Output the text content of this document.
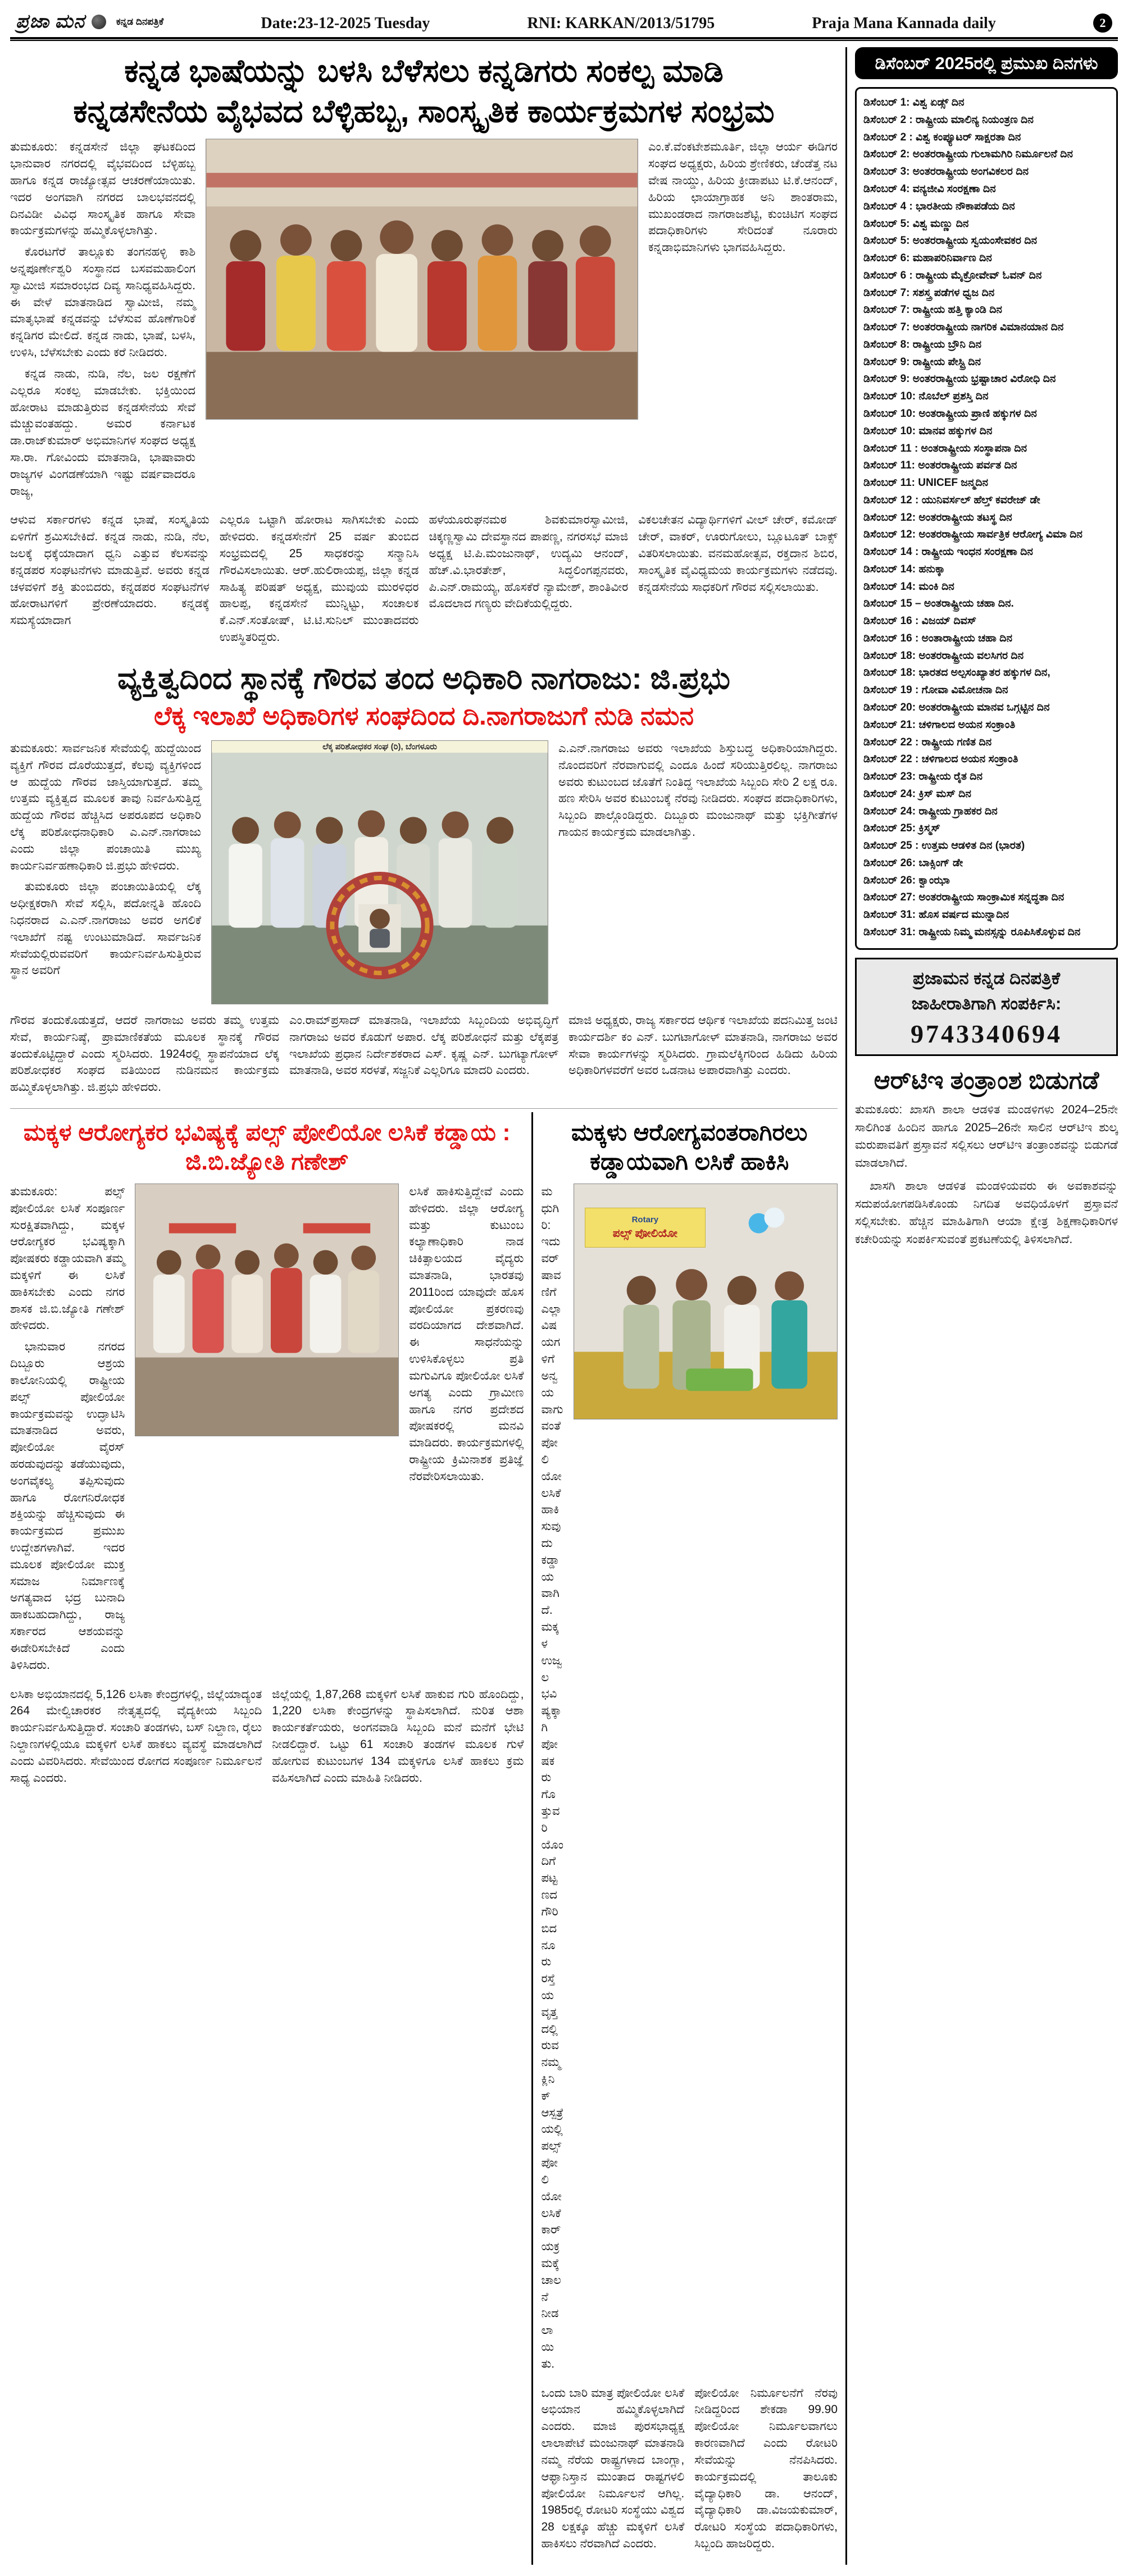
ಪ್ರಜಾ ಮನ	ಕನ್ನಡ ದಿನಪತ್ರಿಕೆ	Date:23-12-2025 Tuesday	RNI: KARKAN/2013/51795	Praja Mana Kannada daily	2
ಕನ್ನಡ ಭಾಷೆಯನ್ನು ಬಳಸಿ ಬೆಳೆಸಲು ಕನ್ನಡಿಗರು ಸಂಕಲ್ಪ ಮಾಡಿ
ಕನ್ನಡಸೇನೆಯ ವೈಭವದ ಬೆಳ್ಳಿಹಬ್ಬ, ಸಾಂಸ್ಕೃತಿಕ ಕಾರ್ಯಕ್ರಮಗಳ ಸಂಭ್ರಮ

ತುಮಕೂರು: ಕನ್ನಡಸೇನೆ ಜಿಲ್ಲಾ ಘಟಕದಿಂದ ಭಾನುವಾರ ನಗರದಲ್ಲಿ ವೈಭವದಿಂದ ಬೆಳ್ಳಿಹಬ್ಬ ಹಾಗೂ ಕನ್ನಡ ರಾಜ್ಯೋತ್ಸವ ಆಚರಣೆಯಾಯಿತು. ಇದರ ಅಂಗವಾಗಿ ನಗರದ ಬಾಲಭವನದಲ್ಲಿ ದಿನವಿಡೀ ವಿವಿಧ ಸಾಂಸ್ಕೃತಿಕ ಹಾಗೂ ಸೇವಾ ಕಾರ್ಯಕ್ರಮಗಳನ್ನು ಹಮ್ಮಿಕೊಳ್ಳಲಾಗಿತ್ತು.

ಕೊರಟಗೆರೆ ತಾಲ್ಲೂಕು ತಂಗನಹಳ್ಳಿ ಕಾಶಿ ಅನ್ನಪೂರ್ಣೇಶ್ವರಿ ಸಂಸ್ಥಾನದ ಬಸವಮಹಾಲಿಂಗ ಸ್ವಾಮೀಜಿ ಸಮಾರಂಭದ ದಿವ್ಯ ಸಾನಿಧ್ಯವಹಿಸಿದ್ದರು. ಈ ವೇಳೆ ಮಾತನಾಡಿದ ಸ್ವಾಮೀಜಿ, ನಮ್ಮ ಮಾತೃಭಾಷೆ ಕನ್ನಡವನ್ನು ಬೆಳೆಸುವ ಹೊಣೆಗಾರಿಕೆ ಕನ್ನಡಿಗರ ಮೇಲಿದೆ. ಕನ್ನಡ ನಾಡು, ಭಾಷೆ, ಬಳಸಿ, ಉಳಿಸಿ, ಬೆಳೆಸಬೇಕು ಎಂದು ಕರೆ ನೀಡಿದರು.

ಕನ್ನಡ ನಾಡು, ನುಡಿ, ನೆಲ, ಜಲ ರಕ್ಷಣೆಗೆ ಎಲ್ಲರೂ ಸಂಕಲ್ಪ ಮಾಡಬೇಕು. ಭಕ್ತಿಯಿಂದ ಹೋರಾಟ ಮಾಡುತ್ತಿರುವ ಕನ್ನಡಸೇನೆಯ ಸೇವೆ ಮೆಚ್ಚುವಂತಹದ್ದು. ಅಮರ ಕರ್ನಾಟಕ ಡಾ.ರಾಜ್‌ಕುಮಾರ್ ಅಭಿಮಾನಿಗಳ ಸಂಘದ ಅಧ್ಯಕ್ಷ ಸಾ.ರಾ. ಗೋವಿಂದು ಮಾತನಾಡಿ, ಭಾಷಾವಾರು ರಾಜ್ಯಗಳ ವಿಂಗಡಣೆಯಾಗಿ ಇಷ್ಟು ವರ್ಷವಾದರೂ ರಾಜ್ಯ,

ಎಂ.ಕೆ.ವೆಂಕಟೇಶಮೂರ್ತಿ, ಜಿಲ್ಲಾ ಆರ್ಯ ಈಡಿಗರ ಸಂಘದ ಅಧ್ಯಕ್ಷರು, ಹಿರಿಯ ಶ್ರೇಣಿಕರು, ಚೆಂಡೆತ್ತ ನಟ ವೇಷ ನಾಯ್ಡು, ಹಿರಿಯ ಕ್ರೀಡಾಪಟು ಟಿ.ಕೆ.ಆನಂದ್, ಹಿರಿಯ ಛಾಯಾಗ್ರಾಹಕ ಅನಿ ಶಾಂತರಾಮ, ಮುಖಂಡರಾದ ನಾಗರಾಜಶೆಟ್ಟಿ, ಕುಂಚಿಟಿಗ ಸಂಘದ ಪದಾಧಿಕಾರಿಗಳು ಸೇರಿದಂತೆ ನೂರಾರು ಕನ್ನಡಾಭಿಮಾನಿಗಳು ಭಾಗವಹಿಸಿದ್ದರು.

ಆಳುವ ಸರ್ಕಾರಗಳು ಕನ್ನಡ ಭಾಷೆ, ಸಂಸ್ಕೃತಿಯ ಏಳಿಗೆಗೆ ಶ್ರಮಿಸಬೇಕಿದೆ. ಕನ್ನಡ ನಾಡು, ನುಡಿ, ನೆಲ, ಜಲಕ್ಕೆ ಧಕ್ಕೆಯಾದಾಗ ಧ್ವನಿ ಎತ್ತುವ ಕೆಲಸವನ್ನು ಕನ್ನಡಪರ ಸಂಘಟನೆಗಳು ಮಾಡುತ್ತಿವೆ. ಅವರು ಕನ್ನಡ ಚಳವಳಿಗೆ ಶಕ್ತಿ ತುಂಬಿದರು, ಕನ್ನಡಪರ ಸಂಘಟನೆಗಳ ಹೋರಾಟಗಳಿಗೆ ಪ್ರೇರಣೆಯಾದರು. ಕನ್ನಡಕ್ಕೆ ಸಮಸ್ಯೆಯಾದಾಗ

ಎಲ್ಲರೂ ಒಟ್ಟಾಗಿ ಹೋರಾಟ ಸಾಗಿಸಬೇಕು ಎಂದು ಹೇಳಿದರು. ಕನ್ನಡಸೇನೆಗೆ 25 ವರ್ಷ ತುಂಬಿದ ಸಂಭ್ರಮದಲ್ಲಿ 25 ಸಾಧಕರನ್ನು ಸನ್ಮಾನಿಸಿ ಗೌರವಿಸಲಾಯಿತು. ಆರ್.ಹುಲಿರಾಯಪ್ಪ, ಜಿಲ್ಲಾ ಕನ್ನಡ ಸಾಹಿತ್ಯ ಪರಿಷತ್ ಅಧ್ಯಕ್ಷ, ಮುವುಯ ಮುರಳಿಧರ ಹಾಲಪ್ಪ, ಕನ್ನಡಸೇನೆ ಮುನ್ನಿಟ್ಟು, ಸಂಚಾಲಕ ಕೆ.ಎನ್.ಸಂತೋಷ್, ಟಿ.ಟಿ.ಸುನಿಲ್ ಮುಂತಾದವರು ಉಪಸ್ಥಿತರಿದ್ದರು.

ಹಳೆಯೂರುಘನಮಠ ಶಿವಕುಮಾರಸ್ವಾಮೀಜಿ, ಚಿಕ್ಕಣ್ಣಸ್ವಾಮಿ ದೇವಸ್ಥಾನದ ಪಾಪಣ್ಣ, ನಗರಸಭೆ ಮಾಜಿ ಅಧ್ಯಕ್ಷ ಟಿ.ಪಿ.ಮಂಜುನಾಥ್, ಉದ್ಯಮಿ ಆನಂದ್, ಹೆಚ್.ವಿ.ಭಾರತೇಶ್, ಸಿದ್ಧಲಿಂಗಪ್ಪನವರು, ಪಿ.ಎನ್.ರಾಮಯ್ಯ, ಹೊಸಕೆರೆ ನ್ಯಾಮೇಶ್, ಶಾಂತಿವೀರ ಮೊದಲಾದ ಗಣ್ಯರು ವೇದಿಕೆಯಲ್ಲಿದ್ದರು.

ವಿಕಲಚೇತನ ವಿದ್ಯಾರ್ಥಿಗಳಿಗೆ ವೀಲ್ ಚೇರ್, ಕಮೋಡ್ ಚೇರ್, ವಾಕರ್, ಊರುಗೋಲು, ಬ್ಲೂಟೂತ್ ಬಾಕ್ಸ್ ವಿತರಿಸಲಾಯಿತು. ವನಮಹೋತ್ಸವ, ರಕ್ತದಾನ ಶಿಬಿರ, ಸಾಂಸ್ಕೃತಿಕ ವೈವಿಧ್ಯಮಯ ಕಾರ್ಯಕ್ರಮಗಳು ನಡೆದವು. ಕನ್ನಡಸೇನೆಯ ಸಾಧಕರಿಗೆ ಗೌರವ ಸಲ್ಲಿಸಲಾಯಿತು.

ವ್ಯಕ್ತಿತ್ವದಿಂದ ಸ್ಥಾನಕ್ಕೆ ಗೌರವ ತಂದ ಅಧಿಕಾರಿ ನಾಗರಾಜು: ಜಿ.ಪ್ರಭು
ಲೆಕ್ಕ ಇಲಾಖೆ ಅಧಿಕಾರಿಗಳ ಸಂಘದಿಂದ ದಿ.ನಾಗರಾಜುಗೆ ನುಡಿ ನಮನ

ತುಮಕೂರು: ಸಾರ್ವಜನಿಕ ಸೇವೆಯಲ್ಲಿ ಹುದ್ದೆಯಿಂದ ವ್ಯಕ್ತಿಗೆ ಗೌರವ ದೊರೆಯುತ್ತದೆ, ಕೆಲವು ವ್ಯಕ್ತಿಗಳಿಂದ ಆ ಹುದ್ದೆಯ ಗೌರವ ಜಾಸ್ತಿಯಾಗುತ್ತದೆ. ತಮ್ಮ ಉತ್ತಮ ವ್ಯಕ್ತಿತ್ವದ ಮೂಲಕ ತಾವು ನಿರ್ವಹಿಸುತ್ತಿದ್ದ ಹುದ್ದೆಯ ಗೌರವ ಹೆಚ್ಚಿಸಿದ ಅಪರೂಪದ ಅಧಿಕಾರಿ ಲೆಕ್ಕ ಪರಿಶೋಧನಾಧಿಕಾರಿ ಎ.ಎನ್.ನಾಗರಾಜು ಎಂದು ಜಿಲ್ಲಾ ಪಂಚಾಯಿತಿ ಮುಖ್ಯ ಕಾರ್ಯನಿರ್ವಹಣಾಧಿಕಾರಿ ಜಿ.ಪ್ರಭು ಹೇಳಿದರು.

ತುಮಕೂರು ಜಿಲ್ಲಾ ಪಂಚಾಯಿತಿಯಲ್ಲಿ ಲೆಕ್ಕ ಅಧೀಕ್ಷಕರಾಗಿ ಸೇವೆ ಸಲ್ಲಿಸಿ, ಪದೋನ್ನತಿ ಹೊಂದಿ ನಿಧನರಾದ ಎ.ಎನ್.ನಾಗರಾಜು ಅವರ ಅಗಲಿಕೆ ಇಲಾಖೆಗೆ ನಷ್ಟ ಉಂಟುಮಾಡಿದೆ. ಸಾರ್ವಜನಿಕ ಸೇವೆಯಲ್ಲಿರುವವರಿಗೆ ಕಾರ್ಯನಿರ್ವಹಿಸುತ್ತಿರುವ ಸ್ಥಾನ ಅವರಿಗೆ

ಲೆಕ್ಕ ಪರಿಶೋಧಕರ ಸಂಘ (ರಿ), ಬೆಂಗಳೂರು	ಎ.ಎನ್.ನಾಗರಾಜು ಅವರು ಇಲಾಖೆಯ ಶಿಸ್ತುಬದ್ಧ ಅಧಿಕಾರಿಯಾಗಿದ್ದರು. ನೊಂದವರಿಗೆ ನೆರವಾಗುವಲ್ಲಿ ಎಂದೂ ಹಿಂದೆ ಸರಿಯುತ್ತಿರಲಿಲ್ಲ. ನಾಗರಾಜು ಅವರು ಕುಟುಂಬದ ಜೊತೆಗೆ ನಿಂತಿದ್ದ ಇಲಾಖೆಯ ಸಿಬ್ಬಂದಿ ಸೇರಿ 2 ಲಕ್ಷ ರೂ. ಹಣ ಸೇರಿಸಿ ಅವರ ಕುಟುಂಬಕ್ಕೆ ನೆರವು ನೀಡಿದರು. ಸಂಘದ ಪದಾಧಿಕಾರಿಗಳು, ಸಿಬ್ಬಂದಿ ಪಾಲ್ಗೊಂಡಿದ್ದರು. ದಿಬ್ಬೂರು ಮಂಜುನಾಥ್ ಮತ್ತು ಭಕ್ತಿಗೀತೆಗಳ ಗಾಯನ ಕಾರ್ಯಕ್ರಮ ಮಾಡಲಾಗಿತ್ತು.

ಗೌರವ ತಂದುಕೊಡುತ್ತದೆ, ಆದರೆ ನಾಗರಾಜು ಅವರು ತಮ್ಮ ಉತ್ತಮ ಸೇವೆ, ಕಾರ್ಯನಿಷ್ಠೆ, ಪ್ರಾಮಾಣಿಕತೆಯ ಮೂಲಕ ಸ್ಥಾನಕ್ಕೆ ಗೌರವ ತಂದುಕೊಟ್ಟಿದ್ದಾರೆ ಎಂದು ಸ್ಮರಿಸಿದರು. 1924ರಲ್ಲಿ ಸ್ಥಾಪನೆಯಾದ ಲೆಕ್ಕ ಪರಿಶೋಧಕರ ಸಂಘದ ವತಿಯಿಂದ ನುಡಿನಮನ ಕಾರ್ಯಕ್ರಮ ಹಮ್ಮಿಕೊಳ್ಳಲಾಗಿತ್ತು. ಜಿ.ಪ್ರಭು ಹೇಳಿದರು.

ಎಂ.ರಾಮ್‌ಪ್ರಸಾದ್ ಮಾತನಾಡಿ, ಇಲಾಖೆಯ ಸಿಬ್ಬಂದಿಯ ಅಭಿವೃದ್ಧಿಗೆ ನಾಗರಾಜು ಅವರ ಕೊಡುಗೆ ಅಪಾರ. ಲೆಕ್ಕ ಪರಿಶೋಧನೆ ಮತ್ತು ಲೆಕ್ಕಪತ್ರ ಇಲಾಖೆಯ ಪ್ರಧಾನ ನಿರ್ದೇಶಕರಾದ ಎಸ್. ಕೃಷ್ಣ ಎನ್. ಬುಗಟ್ಯಾಗೋಳ್ ಮಾತನಾಡಿ, ಅವರ ಸರಳತೆ, ಸಜ್ಜನಿಕೆ ಎಲ್ಲರಿಗೂ ಮಾದರಿ ಎಂದರು.

ಮಾಜಿ ಅಧ್ಯಕ್ಷರು, ರಾಜ್ಯ ಸರ್ಕಾರದ ಆರ್ಥಿಕ ಇಲಾಖೆಯ ಪದನಿಮಿತ್ತ ಜಂಟಿ ಕಾರ್ಯದರ್ಶಿ ಕಂ ಎನ್. ಬುಗಟಾಗೋಳ್ ಮಾತನಾಡಿ, ನಾಗರಾಜು ಅವರ ಸೇವಾ ಕಾರ್ಯಗಳನ್ನು ಸ್ಮರಿಸಿದರು. ಗ್ರಾಮಲೆಕ್ಕಿಗರಿಂದ ಹಿಡಿದು ಹಿರಿಯ ಅಧಿಕಾರಿಗಳವರೆಗೆ ಅವರ ಒಡನಾಟ ಅಪಾರವಾಗಿತ್ತು ಎಂದರು.

ಮಕ್ಕಳ ಆರೋಗ್ಯಕರ ಭವಿಷ್ಯಕ್ಕೆ ಪಲ್ಸ್ ಪೋಲಿಯೋ ಲಸಿಕೆ ಕಡ್ಡಾಯ : ಜಿ.ಬಿ.ಜ್ಯೋತಿ ಗಣೇಶ್

ತುಮಕೂರು: ಪಲ್ಸ್ ಪೋಲಿಯೋ ಲಸಿಕೆ ಸಂಪೂರ್ಣ ಸುರಕ್ಷಿತವಾಗಿದ್ದು, ಮಕ್ಕಳ ಆರೋಗ್ಯಕರ ಭವಿಷ್ಯಕ್ಕಾಗಿ ಪೋಷಕರು ಕಡ್ಡಾಯವಾಗಿ ತಮ್ಮ ಮಕ್ಕಳಿಗೆ ಈ ಲಸಿಕೆ ಹಾಕಿಸಬೇಕು ಎಂದು ನಗರ ಶಾಸಕ ಜಿ.ಬಿ.ಜ್ಯೋತಿ ಗಣೇಶ್ ಹೇಳಿದರು.

ಭಾನುವಾರ ನಗರದ ದಿಬ್ಬೂರು ಆಶ್ರಯ ಕಾಲೋನಿಯಲ್ಲಿ ರಾಷ್ಟ್ರೀಯ ಪಲ್ಸ್ ಪೋಲಿಯೋ ಕಾರ್ಯಕ್ರಮವನ್ನು ಉದ್ಘಾಟಿಸಿ ಮಾತನಾಡಿದ ಅವರು, ಪೋಲಿಯೋ ವೈರಸ್ ಹರಡುವುದನ್ನು ತಡೆಯುವುದು, ಅಂಗವೈಕಲ್ಯ ತಪ್ಪಿಸುವುದು ಹಾಗೂ ರೋಗನಿರೋಧಕ ಶಕ್ತಿಯನ್ನು ಹೆಚ್ಚಿಸುವುದು ಈ ಕಾರ್ಯಕ್ರಮದ ಪ್ರಮುಖ ಉದ್ದೇಶಗಳಾಗಿವೆ. ಇದರ ಮೂಲಕ ಪೋಲಿಯೋ ಮುಕ್ತ ಸಮಾಜ ನಿರ್ಮಾಣಕ್ಕೆ ಅಗತ್ಯವಾದ ಭದ್ರ ಬುನಾದಿ ಹಾಕಬಹುದಾಗಿದ್ದು, ರಾಜ್ಯ ಸರ್ಕಾರದ ಆಶಯವನ್ನು ಈಡೇರಿಸಬೇಕಿದೆ ಎಂದು ತಿಳಿಸಿದರು.

ಲಸಿಕೆ ಹಾಕಿಸುತ್ತಿದ್ದೇವೆ ಎಂದು ಹೇಳಿದರು. ಜಿಲ್ಲಾ ಆರೋಗ್ಯ ಮತ್ತು ಕುಟುಂಬ ಕಲ್ಯಾಣಾಧಿಕಾರಿ ನಾಡ ಚಿಕಿತ್ಸಾಲಯದ ವೈದ್ಯರು ಮಾತನಾಡಿ, ಭಾರತವು 2011ರಿಂದ ಯಾವುದೇ ಹೊಸ ಪೋಲಿಯೋ ಪ್ರಕರಣವು ವರದಿಯಾಗದ ದೇಶವಾಗಿದೆ. ಈ ಸಾಧನೆಯನ್ನು ಉಳಿಸಿಕೊಳ್ಳಲು ಪ್ರತಿ ಮಗುವಿಗೂ ಪೋಲಿಯೋ ಲಸಿಕೆ ಅಗತ್ಯ ಎಂದು ಗ್ರಾಮೀಣ ಹಾಗೂ ನಗರ ಪ್ರದೇಶದ ಪೋಷಕರಲ್ಲಿ ಮನವಿ ಮಾಡಿದರು. ಕಾರ್ಯಕ್ರಮಗಳಲ್ಲಿ ರಾಷ್ಟ್ರೀಯ ಕ್ರಿಮಿನಾಶಕ ಪ್ರತಿಜ್ಞೆ ನೆರವೇರಿಸಲಾಯಿತು.

ಲಸಿಕಾ ಅಭಿಯಾನದಲ್ಲಿ 5,126 ಲಸಿಕಾ ಕೇಂದ್ರಗಳಲ್ಲಿ, ಜಿಲ್ಲೆಯಾದ್ಯಂತ 264 ಮೇಲ್ವಿಚಾರಕರ ನೇತೃತ್ವದಲ್ಲಿ ವೈದ್ಯಕೀಯ ಸಿಬ್ಬಂದಿ ಕಾರ್ಯನಿರ್ವಹಿಸುತ್ತಿದ್ದಾರೆ. ಸಂಚಾರಿ ತಂಡಗಳು, ಬಸ್ ನಿಲ್ದಾಣ, ರೈಲು ನಿಲ್ದಾಣಗಳಲ್ಲಿಯೂ ಮಕ್ಕಳಿಗೆ ಲಸಿಕೆ ಹಾಕಲು ವ್ಯವಸ್ಥೆ ಮಾಡಲಾಗಿದೆ ಎಂದು ವಿವರಿಸಿದರು. ಸೇವೆಯಿಂದ ರೋಗದ ಸಂಪೂರ್ಣ ನಿರ್ಮೂಲನೆ ಸಾಧ್ಯ ಎಂದರು.

ಜಿಲ್ಲೆಯಲ್ಲಿ 1,87,268 ಮಕ್ಕಳಿಗೆ ಲಸಿಕೆ ಹಾಕುವ ಗುರಿ ಹೊಂದಿದ್ದು, 1,220 ಲಸಿಕಾ ಕೇಂದ್ರಗಳನ್ನು ಸ್ಥಾಪಿಸಲಾಗಿದೆ. ನುರಿತ ಆಶಾ ಕಾರ್ಯಕರ್ತೆಯರು, ಅಂಗನವಾಡಿ ಸಿಬ್ಬಂದಿ ಮನೆ ಮನೆಗೆ ಭೇಟಿ ನೀಡಲಿದ್ದಾರೆ. ಒಟ್ಟು 61 ಸಂಚಾರಿ ತಂಡಗಳ ಮೂಲಕ ಗುಳೆ ಹೋಗುವ ಕುಟುಂಬಗಳ 134 ಮಕ್ಕಳಿಗೂ ಲಸಿಕೆ ಹಾಕಲು ಕ್ರಮ ವಹಿಸಲಾಗಿದೆ ಎಂದು ಮಾಹಿತಿ ನೀಡಿದರು.

ಮಕ್ಕಳು ಆರೋಗ್ಯವಂತರಾಗಿರಲು ಕಡ್ಡಾಯವಾಗಿ ಲಸಿಕೆ ಹಾಕಿಸಿ

ಮಧುಗಿರಿ: ಇದು ವರ್ಷಾವಣಿಗೆ ಎಲ್ಲಾ ವಿಷಯಗಳಿಗೆ ಅನ್ವಯವಾಗುವಂತೆ ಪೋಲಿಯೋ ಲಸಿಕೆ ಹಾಕಿಸುವುದು ಕಡ್ಡಾಯವಾಗಿದೆ. ಮಕ್ಕಳ ಉಜ್ವಲ ಭವಿಷ್ಯಕ್ಕಾಗಿ ಪೋಷಕರು ಗೊತ್ತುವರಿಯೊಂದಿಗೆ ಪಟ್ಟಣದ ಗೌರಿಬಿದನೂರು ರಸ್ತೆಯ ವೃತ್ತದಲ್ಲಿರುವ ನಮ್ಮ ಕ್ಲಿನಿಕ್ ಆಸ್ಪತ್ರೆಯಲ್ಲಿ ಪಲ್ಸ್ ಪೋಲಿಯೋ ಲಸಿಕೆ ಕಾರ್ಯಕ್ರಮಕ್ಕೆ ಚಾಲನೆ ನೀಡಲಾಯಿತು.

Rotary
ಪಲ್ಸ್ ಪೋಲಿಯೋ

ಒಂದು ಬಾರಿ ಮಾತ್ರ ಪೋಲಿಯೋ ಲಸಿಕೆ ಅಭಿಯಾನ ಹಮ್ಮಿಕೊಳ್ಳಲಾಗಿದೆ ಎಂದರು. ಮಾಜಿ ಪುರಸಭಾಧ್ಯಕ್ಷ ಲಾಲಾಪೇಟೆ ಮಂಜುನಾಥ್ ಮಾತನಾಡಿ ನಮ್ಮ ನೆರೆಯ ರಾಷ್ಟ್ರಗಳಾದ ಬಾಂಗ್ಲಾ, ಆಫ್ಘಾನಿಸ್ತಾನ ಮುಂತಾದ ರಾಷ್ಟಗಳಲಿ ಪೋಲಿಯೋ ನಿರ್ಮೂಲನೆ ಆಗಿಲ್ಲ. 1985ರಲ್ಲಿ ರೋಟರಿ ಸಂಸ್ಥೆಯು ವಿಶ್ವದ 28 ಲಕ್ಷಕ್ಕೂ ಹೆಚ್ಚು ಮಕ್ಕಳಿಗೆ ಲಸಿಕೆ ಹಾಕಿಸಲು ನೆರವಾಗಿದೆ ಎಂದರು.

ಪೋಲಿಯೋ ನಿರ್ಮೂಲನೆಗೆ ನೆರವು ನೀಡಿದ್ದರಿಂದ ಶೇಕಡಾ 99.90 ಪೋಲಿಯೋ ನಿರ್ಮೂಲವಾಗಲು ಕಾರಣವಾಗಿದೆ ಎಂದು ರೋಟರಿ ಸೇವೆಯನ್ನು ನೆನಪಿಸಿದರು. ಕಾರ್ಯಕ್ರಮದಲ್ಲಿ ತಾಲೂಕು ವೈದ್ಯಾಧಿಕಾರಿ ಡಾ. ಆನಂದ್, ವೈದ್ಯಾಧಿಕಾರಿ ಡಾ.ವಿಜಯಕುಮಾರ್, ರೋಟರಿ ಸಂಸ್ಥೆಯ ಪದಾಧಿಕಾರಿಗಳು, ಸಿಬ್ಬಂದಿ ಹಾಜರಿದ್ದರು.

ಡಿಸೆಂಬರ್ 2025ರಲ್ಲಿ ಪ್ರಮುಖ ದಿನಗಳು
ಡಿಸೆಂಬರ್ 1: ವಿಶ್ವ ಏಡ್ಸ್ ದಿನ
ಡಿಸೆಂಬರ್ 2 : ರಾಷ್ಟ್ರೀಯ ಮಾಲಿನ್ಯ ನಿಯಂತ್ರಣ ದಿನ
ಡಿಸೆಂಬರ್ 2 : ವಿಶ್ವ ಕಂಪ್ಯೂಟರ್ ಸಾಕ್ಷರತಾ ದಿನ
ಡಿಸೆಂಬರ್ 2: ಅಂತರರಾಷ್ಟ್ರೀಯ ಗುಲಾಮಗಿರಿ ನಿರ್ಮೂಲನೆ ದಿನ
ಡಿಸೆಂಬರ್ 3: ಅಂತರರಾಷ್ಟ್ರೀಯ ಅಂಗವಿಕಲರ ದಿನ
ಡಿಸೆಂಬರ್ 4: ವನ್ಯಜೀವಿ ಸಂರಕ್ಷಣಾ ದಿನ
ಡಿಸೆಂಬರ್ 4 : ಭಾರತೀಯ ನೌಕಾಪಡೆಯ ದಿನ
ಡಿಸೆಂಬರ್ 5: ವಿಶ್ವ ಮಣ್ಣು ದಿನ
ಡಿಸೆಂಬರ್ 5: ಅಂತರರಾಷ್ಟ್ರೀಯ ಸ್ವಯಂಸೇವಕರ ದಿನ
ಡಿಸೆಂಬರ್ 6: ಮಹಾಪರಿನಿರ್ವಾಣ ದಿನ
ಡಿಸೆಂಬರ್ 6 : ರಾಷ್ಟ್ರೀಯ ಮೈಕ್ರೋವೇವ್ ಓವನ್ ದಿನ
ಡಿಸೆಂಬರ್ 7: ಸಶಸ್ತ್ರ ಪಡೆಗಳ ಧ್ವಜ ದಿನ
ಡಿಸೆಂಬರ್ 7: ರಾಷ್ಟ್ರೀಯ ಹತ್ತಿ ಕ್ಯಾಂಡಿ ದಿನ
ಡಿಸೆಂಬರ್ 7: ಅಂತರರಾಷ್ಟ್ರೀಯ ನಾಗರಿಕ ವಿಮಾನಯಾನ ದಿನ
ಡಿಸೆಂಬರ್ 8: ರಾಷ್ಟ್ರೀಯ ಬ್ರೌನಿ ದಿನ
ಡಿಸೆಂಬರ್ 9: ರಾಷ್ಟ್ರೀಯ ಪೇಸ್ಟ್ರಿ ದಿನ
ಡಿಸೆಂಬರ್ 9: ಅಂತರರಾಷ್ಟ್ರೀಯ ಭ್ರಷ್ಟಾಚಾರ ವಿರೋಧಿ ದಿನ
ಡಿಸೆಂಬರ್ 10: ನೊಬೆಲ್ ಪ್ರಶಸ್ತಿ ದಿನ
ಡಿಸೆಂಬರ್ 10: ಅಂತರಾಷ್ಟ್ರೀಯ ಪ್ರಾಣಿ ಹಕ್ಕುಗಳ ದಿನ
ಡಿಸೆಂಬರ್ 10: ಮಾನವ ಹಕ್ಕುಗಳ ದಿನ
ಡಿಸೆಂಬರ್ 11 : ಅಂತರಾಷ್ಟ್ರೀಯ ಸಂಸ್ಥಾಪನಾ ದಿನ
ಡಿಸೆಂಬರ್ 11: ಅಂತರರಾಷ್ಟ್ರೀಯ ಪರ್ವತ ದಿನ
ಡಿಸೆಂಬರ್ 11: UNICEF ಜನ್ಮದಿನ
ಡಿಸೆಂಬರ್ 12 : ಯುನಿವರ್ಸಲ್ ಹೆಲ್ತ್ ಕವರೇಜ್ ಡೇ
ಡಿಸೆಂಬರ್ 12: ಅಂತರರಾಷ್ಟ್ರೀಯ ತಟಸ್ಥ ದಿನ
ಡಿಸೆಂಬರ್ 12: ಅಂತರರಾಷ್ಟ್ರೀಯ ಸಾರ್ವತ್ರಿಕ ಆರೋಗ್ಯ ವಿಮಾ ದಿನ
ಡಿಸೆಂಬರ್ 14 : ರಾಷ್ಟ್ರೀಯ ಇಂಧನ ಸಂರಕ್ಷಣಾ ದಿನ
ಡಿಸೆಂಬರ್ 14: ಹನುಕ್ಕಾ
ಡಿಸೆಂಬರ್ 14: ಮಂಕಿ ದಿನ
ಡಿಸೆಂಬರ್ 15 – ಅಂತರಾಷ್ಟ್ರೀಯ ಚಹಾ ದಿನ.
ಡಿಸೆಂಬರ್ 16 : ವಿಜಯ್ ದಿವಸ್
ಡಿಸೆಂಬರ್ 16 : ಅಂತಾರಾಷ್ಟ್ರೀಯ ಚಹಾ ದಿನ
ಡಿಸೆಂಬರ್ 18: ಅಂತರರಾಷ್ಟ್ರೀಯ ವಲಸಿಗರ ದಿನ
ಡಿಸೆಂಬರ್ 18: ಭಾರತದ ಅಲ್ಪಸಂಖ್ಯಾತರ ಹಕ್ಕುಗಳ ದಿನ,
ಡಿಸೆಂಬರ್ 19 : ಗೋವಾ ವಿಮೋಚನಾ ದಿನ
ಡಿಸೆಂಬರ್ 20: ಅಂತರರಾಷ್ಟ್ರೀಯ ಮಾನವ ಒಗ್ಗಟ್ಟಿನ ದಿನ
ಡಿಸೆಂಬರ್ 21: ಚಳಿಗಾಲದ ಅಯನ ಸಂಕ್ರಾಂತಿ
ಡಿಸೆಂಬರ್ 22 : ರಾಷ್ಟ್ರೀಯ ಗಣಿತ ದಿನ
ಡಿಸೆಂಬರ್ 22 : ಚಳಿಗಾಲದ ಅಯನ ಸಂಕ್ರಾಂತಿ
ಡಿಸೆಂಬರ್ 23: ರಾಷ್ಟ್ರೀಯ ರೈತ ದಿನ
ಡಿಸೆಂಬರ್ 24: ಕ್ರಿಸ್ ಮಸ್ ದಿನ
ಡಿಸೆಂಬರ್ 24: ರಾಷ್ಟ್ರೀಯ ಗ್ರಾಹಕರ ದಿನ
ಡಿಸೆಂಬರ್ 25: ಕ್ರಿಸ್ಮಸ್
ಡಿಸೆಂಬರ್ 25 : ಉತ್ತಮ ಆಡಳಿತ ದಿನ (ಭಾರತ)
ಡಿಸೆಂಬರ್ 26: ಬಾಕ್ಸಿಂಗ್ ಡೇ
ಡಿಸೆಂಬರ್ 26: ಕ್ವಾಂಝಾ
ಡಿಸೆಂಬರ್ 27: ಅಂತರರಾಷ್ಟ್ರೀಯ ಸಾಂಕ್ರಾಮಿಕ ಸನ್ನದ್ಧತಾ ದಿನ
ಡಿಸೆಂಬರ್ 31: ಹೊಸ ವರ್ಷದ ಮುನ್ನಾದಿನ
ಡಿಸೆಂಬರ್ 31: ರಾಷ್ಟ್ರೀಯ ನಿಮ್ಮ ಮನಸ್ಸನ್ನು ರೂಪಿಸಿಕೊಳ್ಳುವ ದಿನ
ಪ್ರಜಾಮನ ಕನ್ನಡ ದಿನಪತ್ರಿಕೆ
ಜಾಹೀರಾತಿಗಾಗಿ ಸಂಪರ್ಕಿಸಿ:
9743340694
ಆರ್‌ಟಿಇ ತಂತ್ರಾಂಶ ಬಿಡುಗಡೆ

ತುಮಕೂರು: ಖಾಸಗಿ ಶಾಲಾ ಆಡಳಿತ ಮಂಡಳಿಗಳು 2024–25ನೇ ಸಾಲಿಗಿಂತ ಹಿಂದಿನ ಹಾಗೂ 2025–26ನೇ ಸಾಲಿನ ಆರ್‌ಟಿಇ ಶುಲ್ಕ ಮರುಪಾವತಿಗೆ ಪ್ರಸ್ತಾವನೆ ಸಲ್ಲಿಸಲು ಆರ್‌ಟಿಇ ತಂತ್ರಾಂಶವನ್ನು ಬಿಡುಗಡೆ ಮಾಡಲಾಗಿದೆ.

ಖಾಸಗಿ ಶಾಲಾ ಆಡಳಿತ ಮಂಡಳಿಯವರು ಈ ಅವಕಾಶವನ್ನು ಸದುಪಯೋಗಪಡಿಸಿಕೊಂಡು ನಿಗದಿತ ಅವಧಿಯೊಳಗೆ ಪ್ರಸ್ತಾವನೆ ಸಲ್ಲಿಸಬೇಕು. ಹೆಚ್ಚಿನ ಮಾಹಿತಿಗಾಗಿ ಆಯಾ ಕ್ಷೇತ್ರ ಶಿಕ್ಷಣಾಧಿಕಾರಿಗಳ ಕಚೇರಿಯನ್ನು ಸಂಪರ್ಕಿಸುವಂತೆ ಪ್ರಕಟಣೆಯಲ್ಲಿ ತಿಳಿಸಲಾಗಿದೆ.
